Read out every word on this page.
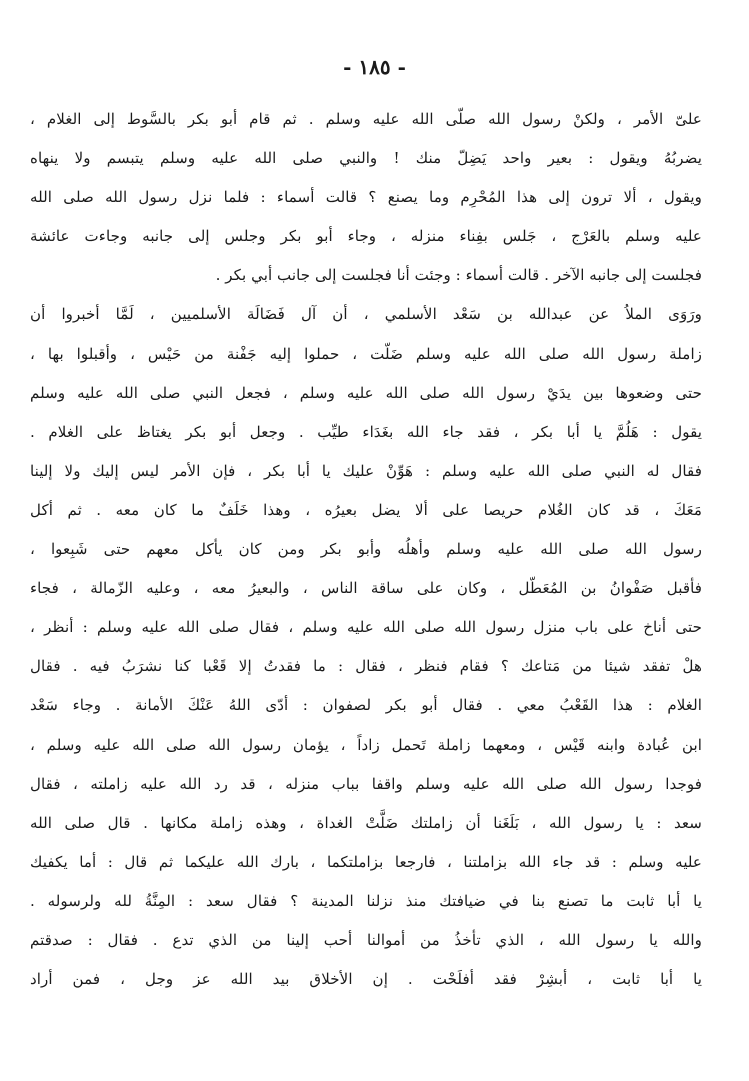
- ١٨٥ -
علىّ الأمر ، ولكنْ رسول الله صلّى الله عليه وسلم . ثم قام أبو بكر بالسَّوط إلى الغلام ،
يضربُهُ ويقول : بعير واحد يَضِلّ منك ! والنبي صلى الله عليه وسلم يتبسم ولا ينهاه
ويقول ، ألا ترون إلى هذا المُحْرِم وما يصنع ؟ قالت أسماء : فلما نزل رسول الله صلى الله
عليه وسلم بالعَرْج ، جَلس بفِناء منزله ، وجاء أبو بكر وجلس إلى جانبه وجاءت عائشة
فجلست إلى جانبه الآخر . قالت أسماء : وجئت أنا فجلست إلى جانب أبي بكر .
ورَوَى الملاُ عن عبدالله بن سَعْد الأسلمي ، أن آل فَضَالَة الأسلميين ، لَمَّا أخبروا أن
زاملة رسول الله صلى الله عليه وسلم ضَلّت ، حملوا إليه جَفْنة من حَيْس ، وأقبلوا بها ،
حتى وضعوها بين يدَيْ رسول الله صلى الله عليه وسلم ، فجعل النبي صلى الله عليه وسلم
يقول : هَلُمَّ يا أبا بكر ، فقد جاء الله بغَدَاء طيِّب . وجعل أبو بكر يغتاظ على الغلام .
فقال له النبي صلى الله عليه وسلم : هَوِّنْ عليك يا أبا بكر ، فإن الأمر ليس إليك ولا إلينا
مَعَكَ ، قد كان الغُلام حريصا على ألا يضل بعيرُه ، وهذا خَلَفٌ ما كان معه . ثم أكل
رسول الله صلى الله عليه وسلم وأهلُه وأبو بكر ومن كان يأكل معهم حتى شَبِعوا ،
فأقبل صَفْوانُ بن المُعَطّل ، وكان على ساقة الناس ، والبعيرُ معه ، وعليه الزّمالة ، فجاء
حتى أناخ على باب منزل رسول الله صلى الله عليه وسلم ، فقال صلى الله عليه وسلم : أنظر ،
هلْ تفقد شيئا من مَتاعك ؟ فقام فنظر ، فقال : ما فقدتُ إلا قَعْبا كنا نشرَبُ فيه . فقال
الغلام : هذا القَعْبُ معي . فقال أبو بكر لصفوان : أدّى اللهُ عَنْكَ الأمانة . وجاء سَعْد
ابن عُبادة وابنه قَيْس ، ومعهما زاملة تَحمل زاداً ، يؤمان رسول الله صلى الله عليه وسلم ،
فوجدا رسول الله صلى الله عليه وسلم واقفا بباب منزله ، قد رد الله عليه زاملته ، فقال
سعد : يا رسول الله ، بَلَغَنا أن زاملتك ضَلَّتْ الغداة ، وهذه زاملة مكانها . قال صلى الله
عليه وسلم : قد جاء الله بزاملتنا ، فارجعا بزاملتكما ، بارك الله عليكما ثم قال : أما يكفيك
يا أبا ثابت ما تصنع بنا في ضيافتك منذ نزلنا المدينة ؟ فقال سعد : المِنَّةُ لله ولرسوله .
والله يا رسول الله ، الذي تأخذُ من أموالنا أحب إلينا من الذي تدع . فقال : صدقتم
يا أبا ثابت ، أبشِرْ فقد أفلَحْت . إن الأخلاق بيد الله عز وجل ، فمن أراد
